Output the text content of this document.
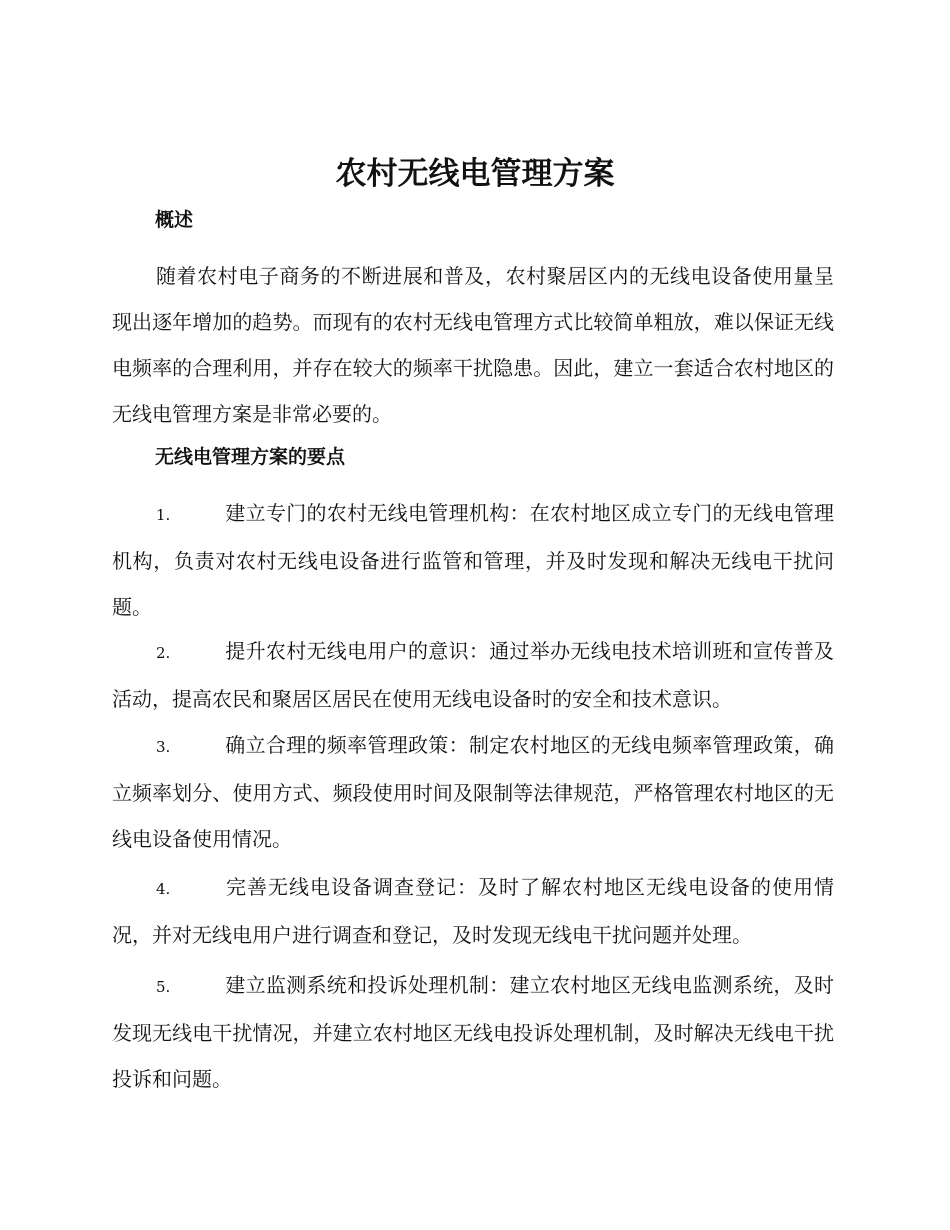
农村无线电管理方案
概述

随着农村电子商务的不断进展和普及，农村聚居区内的无线电设备使用量呈现出逐年增加的趋势。而现有的农村无线电管理方式比较简单粗放，难以保证无线电频率的合理利用，并存在较大的频率干扰隐患。因此，建立一套适合农村地区的无线电管理方案是非常必要的。

无线电管理方案的要点

1.	建立专门的农村无线电管理机构：在农村地区成立专门的无线电管理机构，负责对农村无线电设备进行监管和管理，并及时发现和解决无线电干扰问题。

2.	提升农村无线电用户的意识：通过举办无线电技术培训班和宣传普及活动，提高农民和聚居区居民在使用无线电设备时的安全和技术意识。

3.	确立合理的频率管理政策：制定农村地区的无线电频率管理政策，确立频率划分、使用方式、频段使用时间及限制等法律规范，严格管理农村地区的无线电设备使用情况。

4.	完善无线电设备调查登记：及时了解农村地区无线电设备的使用情况，并对无线电用户进行调查和登记，及时发现无线电干扰问题并处理。

5.	建立监测系统和投诉处理机制：建立农村地区无线电监测系统，及时发现无线电干扰情况，并建立农村地区无线电投诉处理机制，及时解决无线电干扰投诉和问题。
